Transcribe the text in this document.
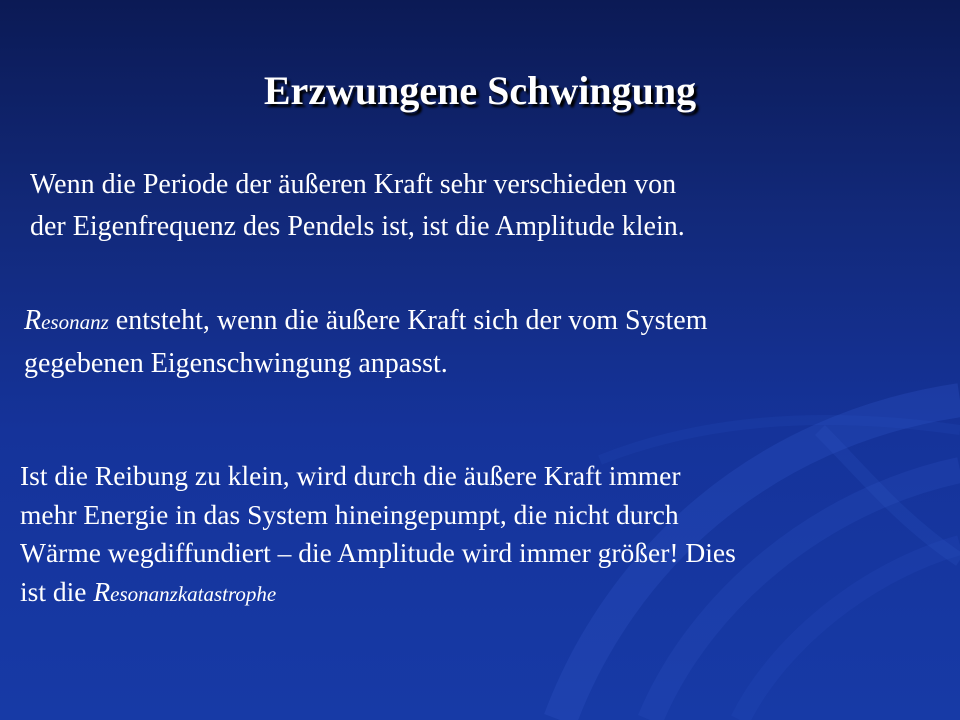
Erzwungene Schwingung

Wenn die Periode der äußeren Kraft sehr verschieden von
der Eigenfrequenz des Pendels ist, ist die Amplitude klein.

Resonanz entsteht, wenn die äußere Kraft sich der vom System
gegebenen Eigenschwingung anpasst.

Ist die Reibung zu klein, wird durch die äußere Kraft immer
mehr Energie in das System hineingepumpt, die nicht durch
Wärme wegdiffundiert – die Amplitude wird immer größer! Dies
ist die Resonanzkatastrophe
